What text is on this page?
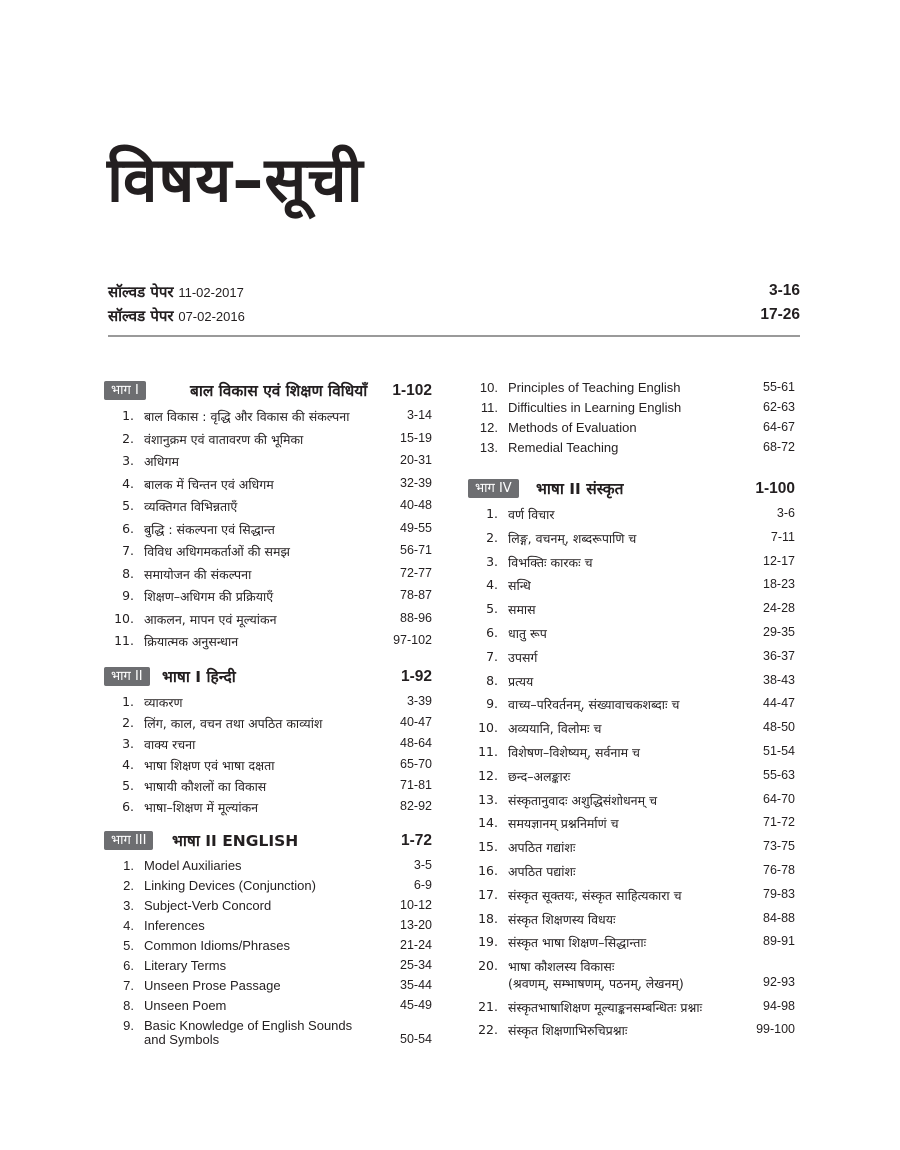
विषय–सूची
सॉल्वड पेपर 11-02-2017	3-16
सॉल्वड पेपर 07-02-2016	17-26
भाग I	बाल विकास एवं शिक्षण विधियाँ 1-102
1. बाल विकास : वृद्धि और विकास की संकल्पना	3-14
2. वंशानुक्रम एवं वातावरण की भूमिका	15-19
3. अधिगम	20-31
4. बालक में चिन्तन एवं अधिगम	32-39
5. व्यक्तिगत विभिन्नताएँ	40-48
6. बुद्धि : संकल्पना एवं सिद्धान्त	49-55
7. विविध अधिगमकर्ताओं की समझ	56-71
8. समायोजन की संकल्पना	72-77
9. शिक्षण–अधिगम की प्रक्रियाएँ	78-87
10. आकलन, मापन एवं मूल्यांकन	88-96
11. क्रियात्मक अनुसन्धान	97-102
भाग II	भाषा I हिन्दी	1-92
1. व्याकरण	3-39
2. लिंग, काल, वचन तथा अपठित काव्यांश	40-47
3. वाक्य रचना	48-64
4. भाषा शिक्षण एवं भाषा दक्षता	65-70
5. भाषायी कौशलों का विकास	71-81
6. भाषा–शिक्षण में मूल्यांकन	82-92
भाग III	भाषा II ENGLISH	1-72
1. Model Auxiliaries	3-5
2. Linking Devices (Conjunction)	6-9
3. Subject-Verb Concord	10-12
4. Inferences	13-20
5. Common Idioms/Phrases	21-24
6. Literary Terms	25-34
7. Unseen Prose Passage	35-44
8. Unseen Poem	45-49
9. Basic Knowledge of English Sounds
and Symbols	50-54
10. Principles of Teaching English	55-61
11. Difficulties in Learning English	62-63
12. Methods of Evaluation	64-67
13. Remedial Teaching	68-72
भाग IV	भाषा II संस्कृत	1-100
1. वर्ण विचार	3-6
2. लिङ्ग, वचनम्, शब्दरूपाणि च	7-11
3. विभक्तिः कारकः च	12-17
4. सन्धि	18-23
5. समास	24-28
6. धातु रूप	29-35
7. उपसर्ग	36-37
8. प्रत्यय	38-43
9. वाच्य–परिवर्तनम्, संख्यावाचकशब्दाः च	44-47
10. अव्ययानि, विलोमः च	48-50
11. विशेषण–विशेष्यम्, सर्वनाम च	51-54
12. छन्द–अलङ्कारः	55-63
13. संस्कृतानुवादः अशुद्धिसंशोधनम् च	64-70
14. समयज्ञानम् प्रश्ननिर्माणं च	71-72
15. अपठित गद्यांशः	73-75
16. अपठित पद्यांशः	76-78
17. संस्कृत सूक्तयः, संस्कृत साहित्यकारा च	79-83
18. संस्कृत शिक्षणस्य विधयः	84-88
19. संस्कृत भाषा शिक्षण–सिद्धान्ताः	89-91
20. भाषा कौशलस्य विकासः
(श्रवणम्, सम्भाषणम्, पठनम्, लेखनम्)	92-93
21. संस्कृतभाषाशिक्षण मूल्याङ्कनसम्बन्धितः प्रश्नाः	94-98
22. संस्कृत शिक्षणाभिरुचिप्रश्नाः	99-100
